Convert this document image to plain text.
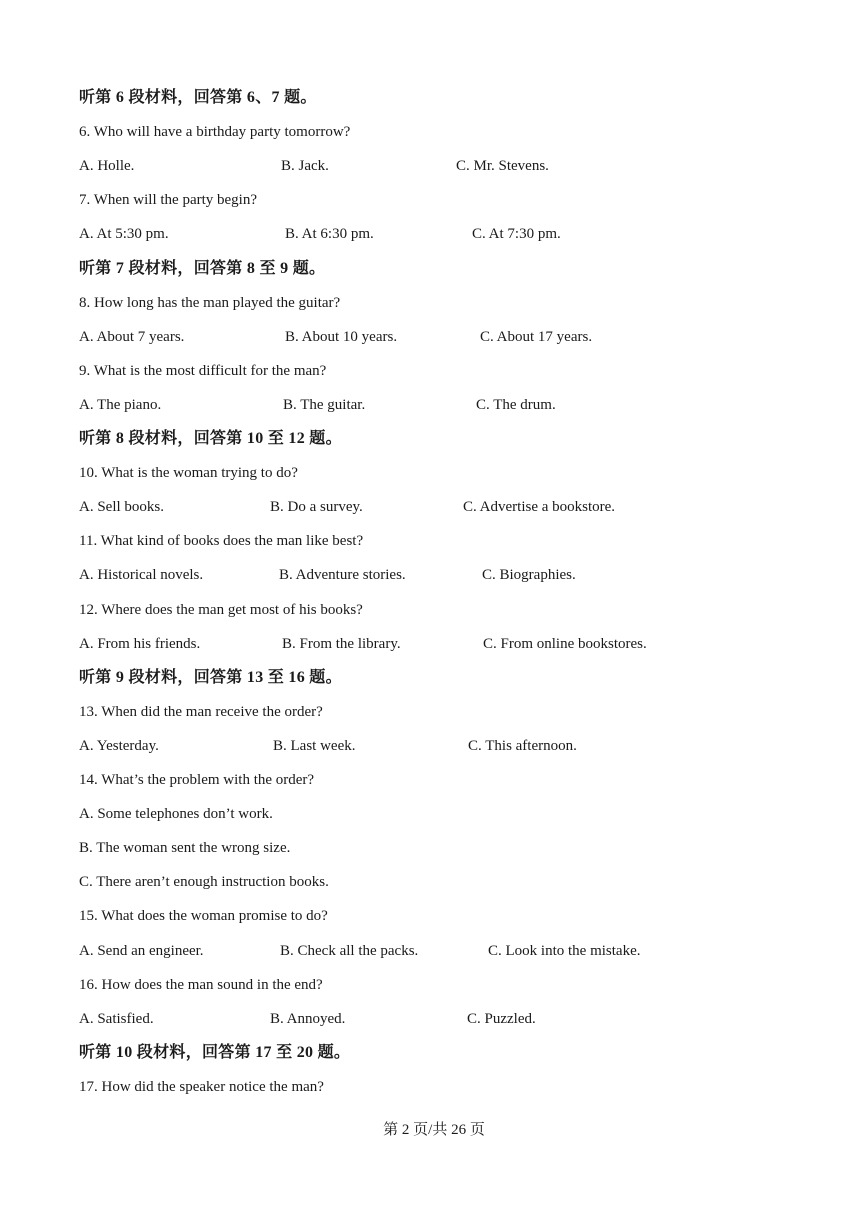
听第 6 段材料，回答第 6、7 题。
6. Who will have a birthday party tomorrow?
A. Holle.	B. Jack.	C. Mr. Stevens.
7. When will the party begin?
A. At 5:30 pm.	B. At 6:30 pm.	C. At 7:30 pm.
听第 7 段材料，回答第 8 至 9 题。
8. How long has the man played the guitar?
A. About 7 years.	B. About 10 years.	C. About 17 years.
9. What is the most difficult for the man?
A. The piano.	B. The guitar.	C. The drum.
听第 8 段材料，回答第 10 至 12 题。
10. What is the woman trying to do?
A. Sell books.	B. Do a survey.	C. Advertise a bookstore.
11. What kind of books does the man like best?
A. Historical novels.	B. Adventure stories.	C. Biographies.
12. Where does the man get most of his books?
A. From his friends.	B. From the library.	C. From online bookstores.
听第 9 段材料，回答第 13 至 16 题。
13. When did the man receive the order?
A. Yesterday.	B. Last week.	C. This afternoon.
14. What’s the problem with the order?
A. Some telephones don’t work.
B. The woman sent the wrong size.
C. There aren’t enough instruction books.
15. What does the woman promise to do?
A. Send an engineer.	B. Check all the packs.	C. Look into the mistake.
16. How does the man sound in the end?
A. Satisfied.	B. Annoyed.	C. Puzzled.
听第 10 段材料，回答第 17 至 20 题。
17. How did the speaker notice the man?
第 2 页/共 26 页
